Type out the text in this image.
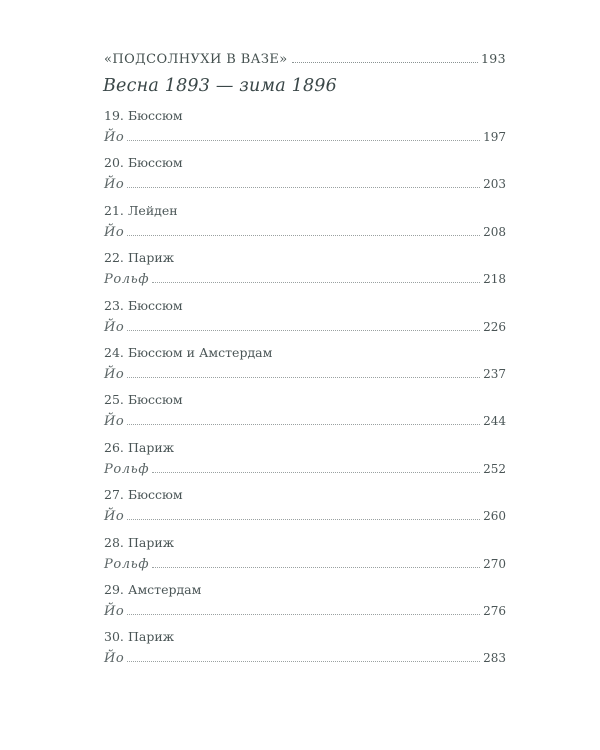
«ПОДСОЛНУХИ В ВАЗЕ»	193
Весна 1893 — зима 1896
19. Бюссюм
Йо	197
20. Бюссюм
Йо	203
21. Лейден
Йо	208
22. Париж
Рольф	218
23. Бюссюм
Йо	226
24. Бюссюм и Амстердам
Йо	237
25. Бюссюм
Йо	244
26. Париж
Рольф	252
27. Бюссюм
Йо	260
28. Париж
Рольф	270
29. Амстердам
Йо	276
30. Париж
Йо	283
